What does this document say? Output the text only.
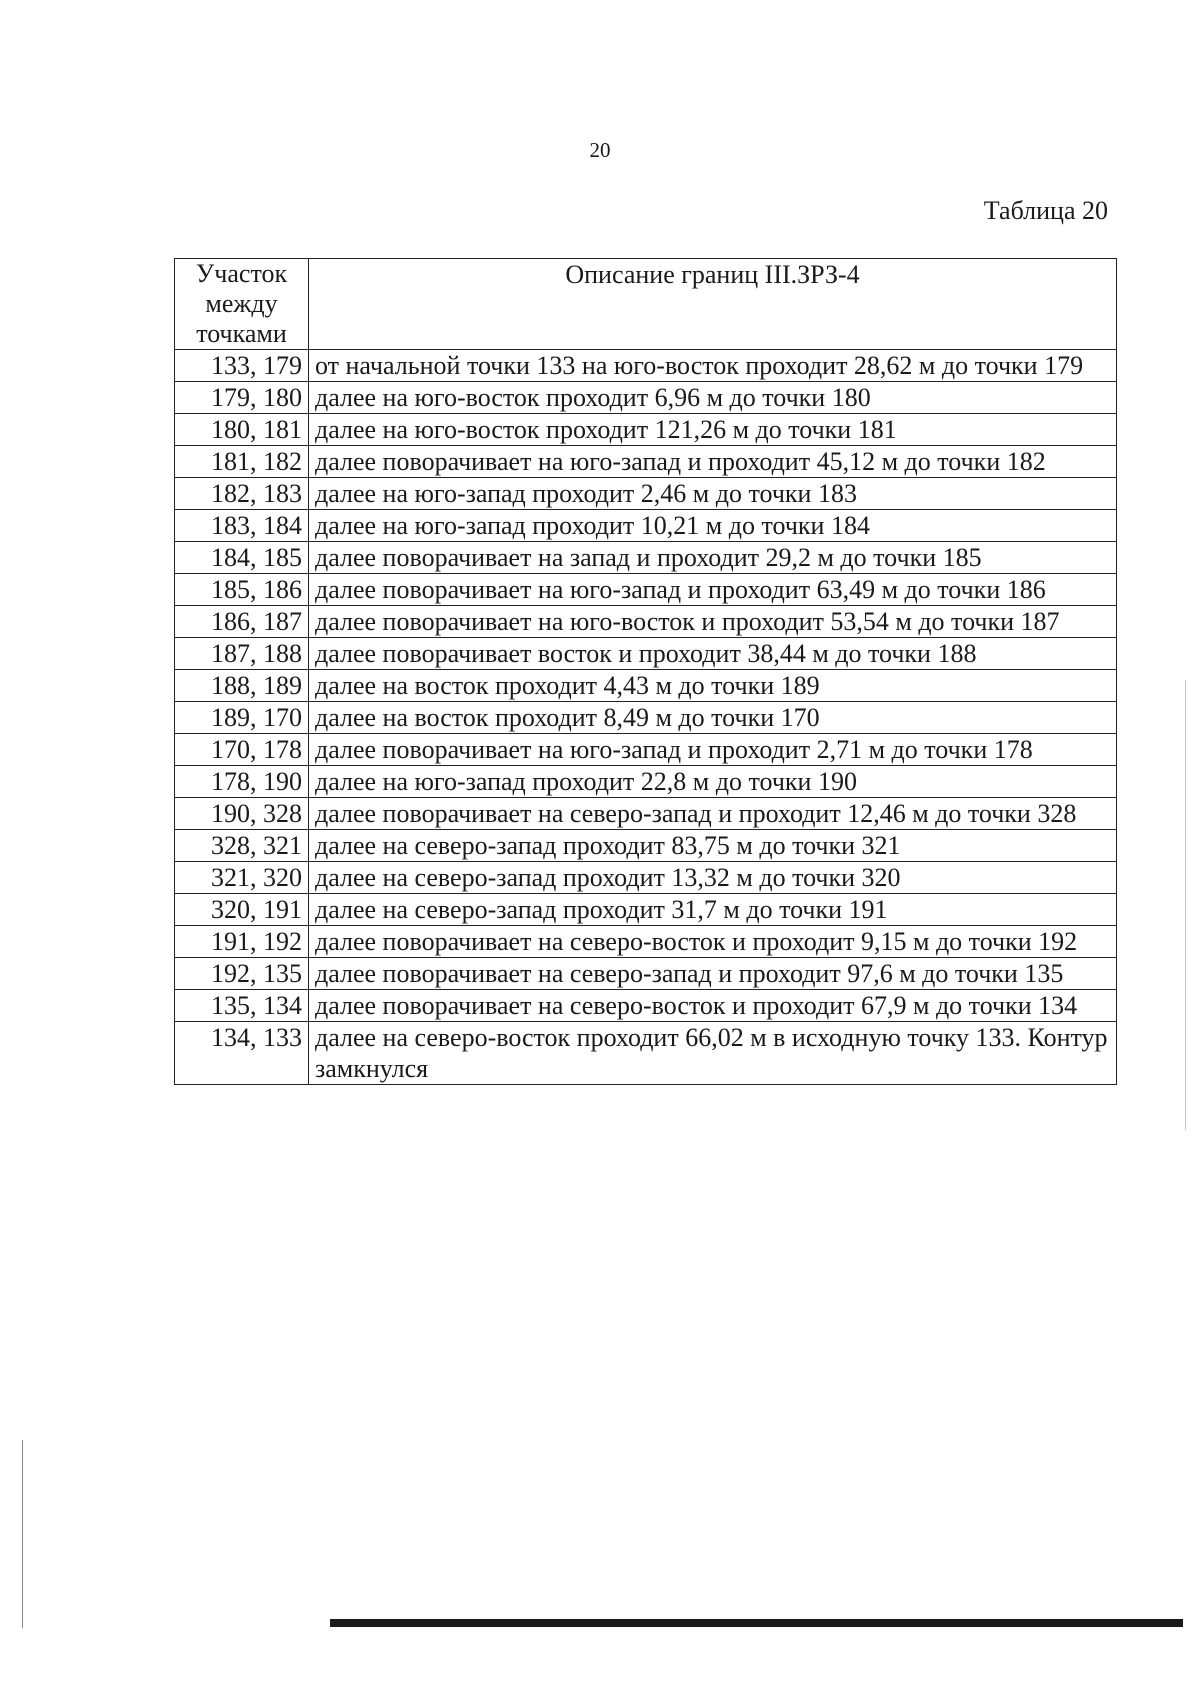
20
Таблица 20
Участок между точками	Описание границ III.ЗРЗ-4
133, 179	от начальной точки 133 на юго-восток проходит 28,62 м до точки 179
179, 180	далее на юго-восток проходит 6,96 м до точки 180
180, 181	далее на юго-восток проходит 121,26 м до точки 181
181, 182	далее поворачивает на юго-запад и проходит 45,12 м до точки 182
182, 183	далее на юго-запад проходит 2,46 м до точки 183
183, 184	далее на юго-запад проходит 10,21 м до точки 184
184, 185	далее поворачивает на запад и проходит 29,2 м до точки 185
185, 186	далее поворачивает на юго-запад и проходит 63,49 м до точки 186
186, 187	далее поворачивает на юго-восток и проходит 53,54 м до точки 187
187, 188	далее поворачивает восток и проходит 38,44 м до точки 188
188, 189	далее на восток проходит 4,43 м до точки 189
189, 170	далее на восток проходит 8,49 м до точки 170
170, 178	далее поворачивает на юго-запад и проходит 2,71 м до точки 178
178, 190	далее на юго-запад проходит 22,8 м до точки 190
190, 328	далее поворачивает на северо-запад и проходит 12,46 м до точки 328
328, 321	далее на северо-запад проходит 83,75 м до точки 321
321, 320	далее на северо-запад проходит 13,32 м до точки 320
320, 191	далее на северо-запад проходит 31,7 м до точки 191
191, 192	далее поворачивает на северо-восток и проходит 9,15 м до точки 192
192, 135	далее поворачивает на северо-запад и проходит 97,6 м до точки 135
135, 134	далее поворачивает на северо-восток и проходит 67,9 м до точки 134
134, 133	далее на северо-восток проходит 66,02 м в исходную точку 133. Контур замкнулся
